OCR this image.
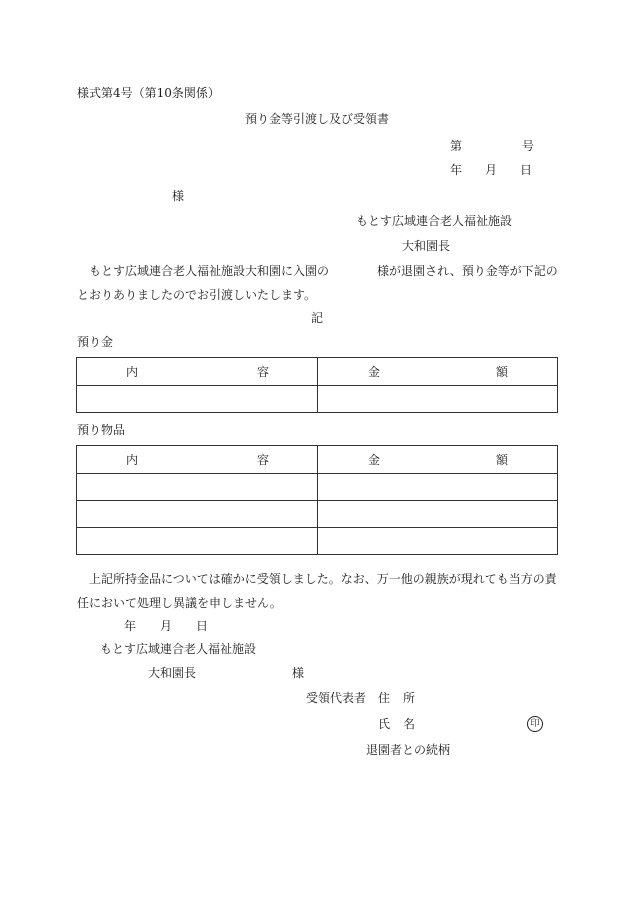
様式第4号（第10条関係）
預り金等引渡し及び受領書
第	号
年 月 日
様
もとす広域連合老人福祉施設
大和園長
もとす広域連合老人福祉施設大和園に入園の	様が退園され、預り金等が下記の
とおりありましたのでお引渡しいたします。
記
預り金
内 容	金 額

預り物品
内 容	金 額

上記所持金品については確かに受領しました。なお、万一他の親族が現れても当方の責
任において処理し異議を申しません。
年 月 日
もとす広域連合老人福祉施設
大和園長	様
受領代表者 住 所
氏 名	印
退園者との続柄
